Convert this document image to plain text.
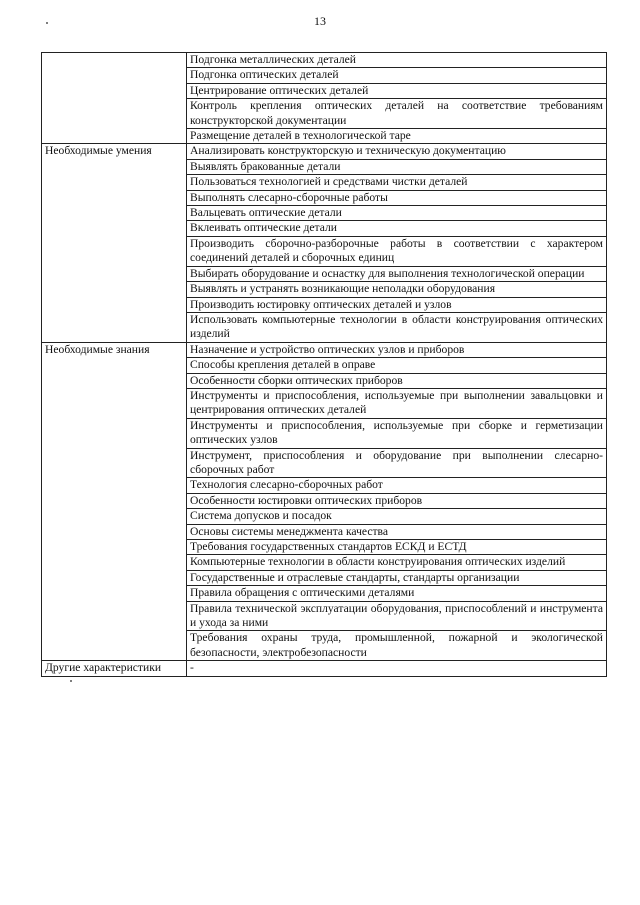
13
	Подгонка металлических деталей
	Подгонка оптических деталей
	Центрирование оптических деталей
	Контроль крепления оптических деталей на соответствие требованиям конструкторской документации
	Размещение деталей в технологической таре
Необходимые умения	Анализировать конструкторскую и техническую документацию
	Выявлять бракованные детали
	Пользоваться технологией и средствами чистки деталей
	Выполнять слесарно-сборочные работы
	Вальцевать оптические детали
	Вклеивать оптические детали
	Производить сборочно-разборочные работы в соответствии с характером соединений деталей и сборочных единиц
	Выбирать оборудование и оснастку для выполнения технологической операции
	Выявлять и устранять возникающие неполадки оборудования
	Производить юстировку оптических деталей и узлов
	Использовать компьютерные технологии в области конструирования оптических изделий
Необходимые знания	Назначение и устройство оптических узлов и приборов
	Способы крепления деталей в оправе
	Особенности сборки оптических приборов
	Инструменты и приспособления, используемые при выполнении завальцовки и центрирования оптических деталей
	Инструменты и приспособления, используемые при сборке и герметизации оптических узлов
	Инструмент, приспособления и оборудование при выполнении слесарно-сборочных работ
	Технология слесарно-сборочных работ
	Особенности юстировки оптических приборов
	Система допусков и посадок
	Основы системы менеджмента качества
	Требования государственных стандартов ЕСКД и ЕСТД
	Компьютерные технологии в области конструирования оптических изделий
	Государственные и отраслевые стандарты, стандарты организации
	Правила обращения с оптическими деталями
	Правила технической эксплуатации оборудования, приспособлений и инструмента и ухода за ними
	Требования охраны труда, промышленной, пожарной и экологической безопасности, электробезопасности
Другие характеристики	-
